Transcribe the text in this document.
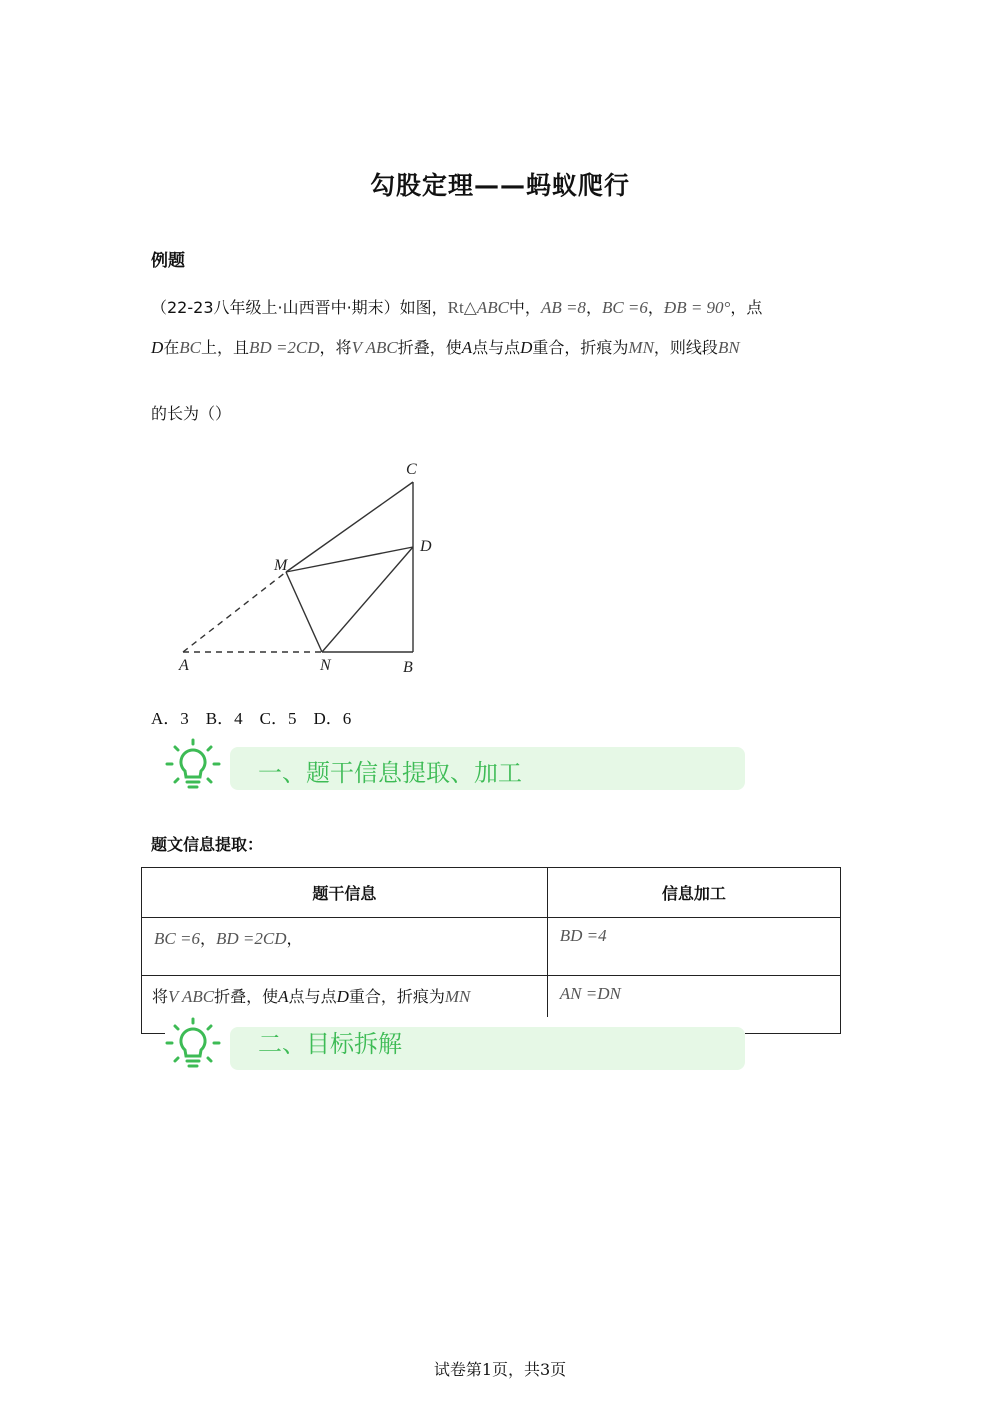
勾股定理——蚂蚁爬行
例题
（22-23八年级上·山西晋中·期末）如图，Rt△ABC中，AB =8，BC =6，ÐB = 90°，点
D在BC上，且BD =2CD，将V ABC折叠，使A点与点D重合，折痕为MN，则线段BN
的长为（）
A	B
C
D
M
N
A．3　B．4　C．5　D．6
一、题干信息提取、加工
题文信息提取：
题干信息	信息加工
BC =6，BD =2CD，	BD =4
将V ABC折叠，使A点与点D重合，折痕为MN	AN =DN
二、目标拆解
试卷第1页，共3页
